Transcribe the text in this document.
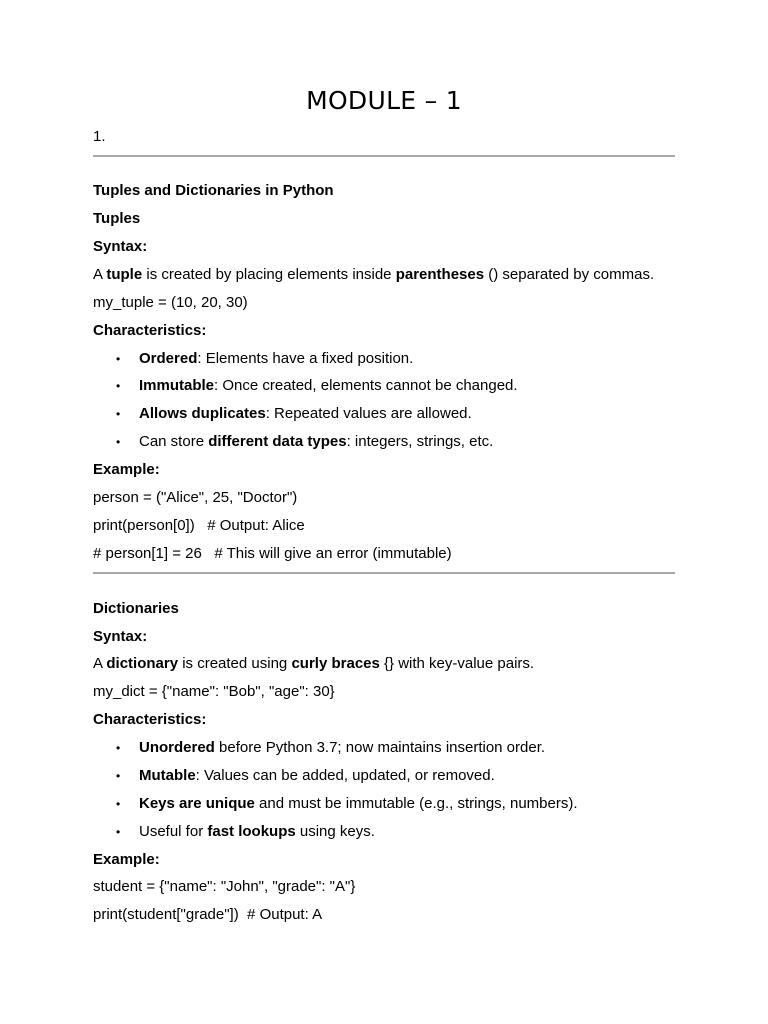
MODULE – 1
1.
Tuples and Dictionaries in Python
Tuples
Syntax:
A tuple is created by placing elements inside parentheses () separated by commas.
my_tuple = (10, 20, 30)
Characteristics:
• Ordered: Elements have a fixed position.
• Immutable: Once created, elements cannot be changed.
• Allows duplicates: Repeated values are allowed.
• Can store different data types: integers, strings, etc.
Example:
person = ("Alice", 25, "Doctor")
print(person[0])   # Output: Alice
# person[1] = 26   # This will give an error (immutable)
Dictionaries
Syntax:
A dictionary is created using curly braces {} with key-value pairs.
my_dict = {"name": "Bob", "age": 30}
Characteristics:
• Unordered before Python 3.7; now maintains insertion order.
• Mutable: Values can be added, updated, or removed.
• Keys are unique and must be immutable (e.g., strings, numbers).
• Useful for fast lookups using keys.
Example:
student = {"name": "John", "grade": "A"}
print(student["grade"])  # Output: A
